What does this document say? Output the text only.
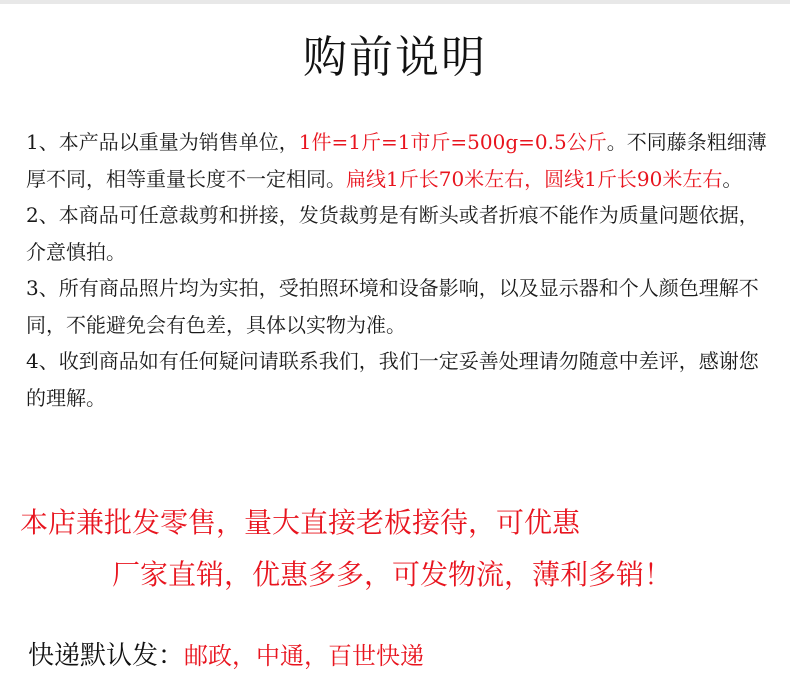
购前说明

1、本产品以重量为销售单位，1件=1斤=1市斤=500g=0.5公斤。不同藤条粗细薄厚不同，相等重量长度不一定相同。扁线1斤长70米左右，圆线1斤长90米左右。

2、本商品可任意裁剪和拼接，发货裁剪是有断头或者折痕不能作为质量问题依据，介意慎拍。

3、所有商品照片均为实拍，受拍照环境和设备影响，以及显示器和个人颜色理解不同，不能避免会有色差，具体以实物为准。

4、收到商品如有任何疑问请联系我们，我们一定妥善处理请勿随意中差评，感谢您的理解。

本店兼批发零售，量大直接老板接待，可优惠
厂家直销，优惠多多，可发物流，薄利多销！
快递默认发：邮政，中通，百世快递
